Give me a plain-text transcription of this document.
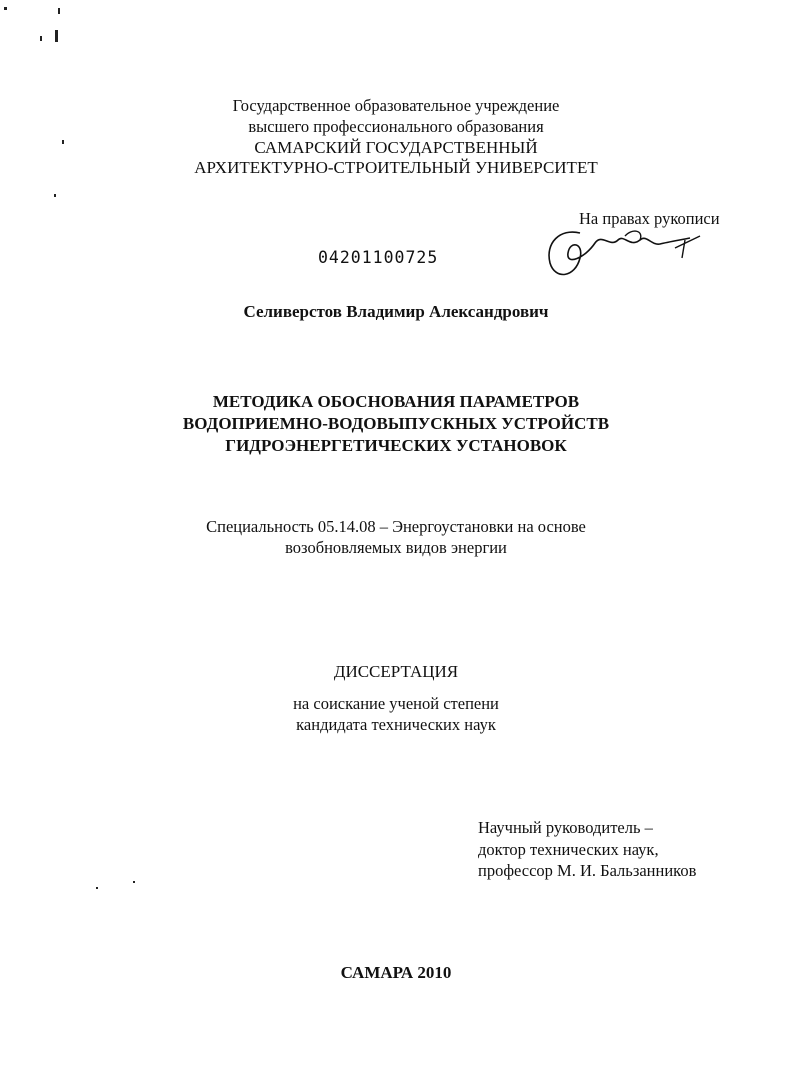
Государственное образовательное учреждение
высшего профессионального образования
САМАРСКИЙ ГОСУДАРСТВЕННЫЙ
АРХИТЕКТУРНО-СТРОИТЕЛЬНЫЙ УНИВЕРСИТЕТ
На правах рукописи
04201100725
Селиверстов Владимир Александрович
МЕТОДИКА ОБОСНОВАНИЯ ПАРАМЕТРОВ
ВОДОПРИЕМНО-ВОДОВЫПУСКНЫХ УСТРОЙСТВ
ГИДРОЭНЕРГЕТИЧЕСКИХ УСТАНОВОК
Специальность 05.14.08 – Энергоустановки на основе
возобновляемых видов энергии
ДИССЕРТАЦИЯ
на соискание ученой степени
кандидата технических наук
Научный руководитель –
доктор технических наук,
профессор М. И. Бальзанников
САМАРА 2010
